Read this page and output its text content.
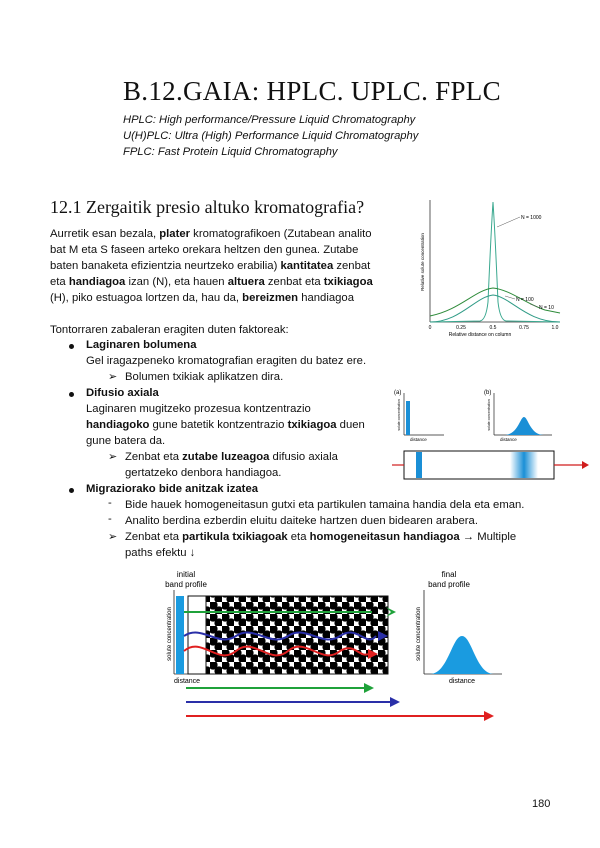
B.12.GAIA: HPLC. UPLC. FPLC
HPLC: High performance/Pressure Liquid Chromatography
U(H)PLC: Ultra (High) Performance Liquid Chromatography
FPLC: Fast Protein Liquid Chromatography
12.1 Zergaitik presio altuko kromatografia?
Aurretik esan bezala, plater kromatografikoen (Zutabean analito
bat M eta S faseen arteko orekara heltzen den gunea. Zutabe
baten banaketa efizientzia neurtzeko erabilia) kantitatea zenbat
eta handiagoa izan (N), eta hauen altuera zenbat eta txikiagoa
(H), piko estuagoa lortzen da, hau da, bereizmen handiagoa
Relative solute concentration
0	0.25	0.5	0.75	1.0
Relative distance on column
N = 1000
N = 100
N = 10
Tontorraren zabaleran eragiten duten faktoreak:
Laginaren bolumena
Gel iragazpeneko kromatografian eragiten du batez ere.
➢ Bolumen txikiak aplikatzen dira.
Difusio axiala
Laginaren mugitzeko prozesua kontzentrazio
handiagoko gune batetik kontzentrazio txikiagoa duen
gune batera da.
➢ Zenbat eta zutabe luzeagoa difusio axiala
gertatzeko denbora handiagoa.
(a)
solute concentration
distance
(b)
solute concentration
distance
Migraziorako bide anitzak izatea
- Bide hauek homogeneitasun gutxi eta partikulen tamaina handia dela eta eman.
- Analito berdina ezberdin eluitu daiteke hartzen duen bidearen arabera.
➢ Zenbat eta partikula txikiagoak eta homogeneitasun handiagoa → Multiple
paths efektu ↓
initial
band profile
final
band profile
solute concentration
distance
solute concentration
distance
180
